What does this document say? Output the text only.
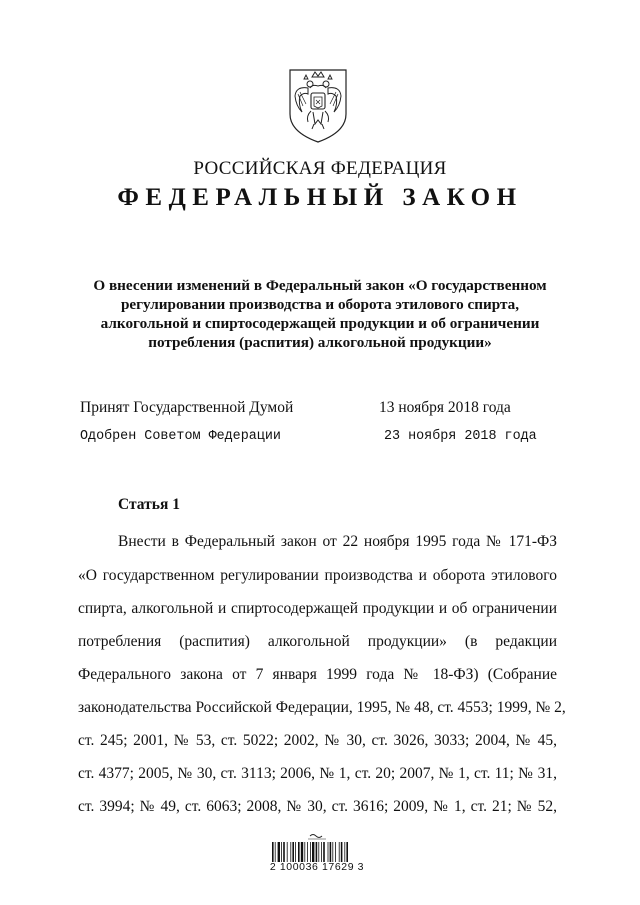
РОССИЙСКАЯ ФЕДЕРАЦИЯ
ФЕДЕРАЛЬНЫЙ ЗАКОН
О внесении изменений в Федеральный закон «О государственном регулировании производства и оборота этилового спирта, алкогольной и спиртосодержащей продукции и об ограничении потребления (распития) алкогольной продукции»
Принят Государственной Думой	13 ноября 2018 года
Одобрен Советом Федерации	23 ноября 2018 года
Статья 1
Внести в Федеральный закон от 22 ноября 1995 года № 171-ФЗ
«О государственном регулировании производства и оборота этилового
спирта, алкогольной и спиртосодержащей продукции и об ограничении
потребления (распития) алкогольной продукции» (в редакции
Федерального закона от 7 января 1999 года № 18-ФЗ) (Собрание
законодательства Российской Федерации, 1995, № 48, ст. 4553; 1999, № 2,
ст. 245; 2001, № 53, ст. 5022; 2002, № 30, ст. 3026, 3033; 2004, № 45,
ст. 4377; 2005, № 30, ст. 3113; 2006, № 1, ст. 20; 2007, № 1, ст. 11; № 31,
ст. 3994; № 49, ст. 6063; 2008, № 30, ст. 3616; 2009, № 1, ст. 21; № 52,
2 100036 17629 3
